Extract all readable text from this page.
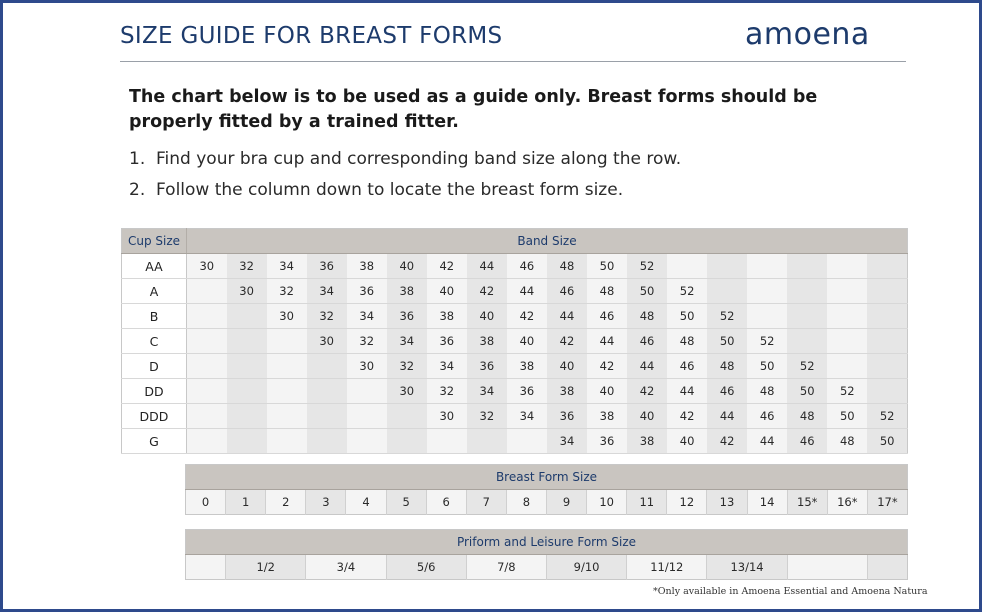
SIZE GUIDE FOR BREAST FORMS	amoena
The chart below is to be used as a guide only. Breast forms should be properly fitted by a trained fitter.
1. Find your bra cup and corresponding band size along the row.
2. Follow the column down to locate the breast form size.
Cup Size	Band Size																	
AA	30	32	34	36	38	40	42	44	46	48	50	52						
A		30	32	34	36	38	40	42	44	46	48	50	52					
B			30	32	34	36	38	40	42	44	46	48	50	52				
C				30	32	34	36	38	40	42	44	46	48	50	52			
D					30	32	34	36	38	40	42	44	46	48	50	52		
DD						30	32	34	36	38	40	42	44	46	48	50	52	
DDD							30	32	34	36	38	40	42	44	46	48	50	52
G										34	36	38	40	42	44	46	48	50
Breast Form Size
0	1	2	3	4	5	6	7	8	9	10	11	12	13	14	15*	16*	17*
Priform and Leisure Form Size
	1/2	3/4	5/6	7/8	9/10	11/12	13/14		
*Only available in Amoena Essential and Amoena Natura
